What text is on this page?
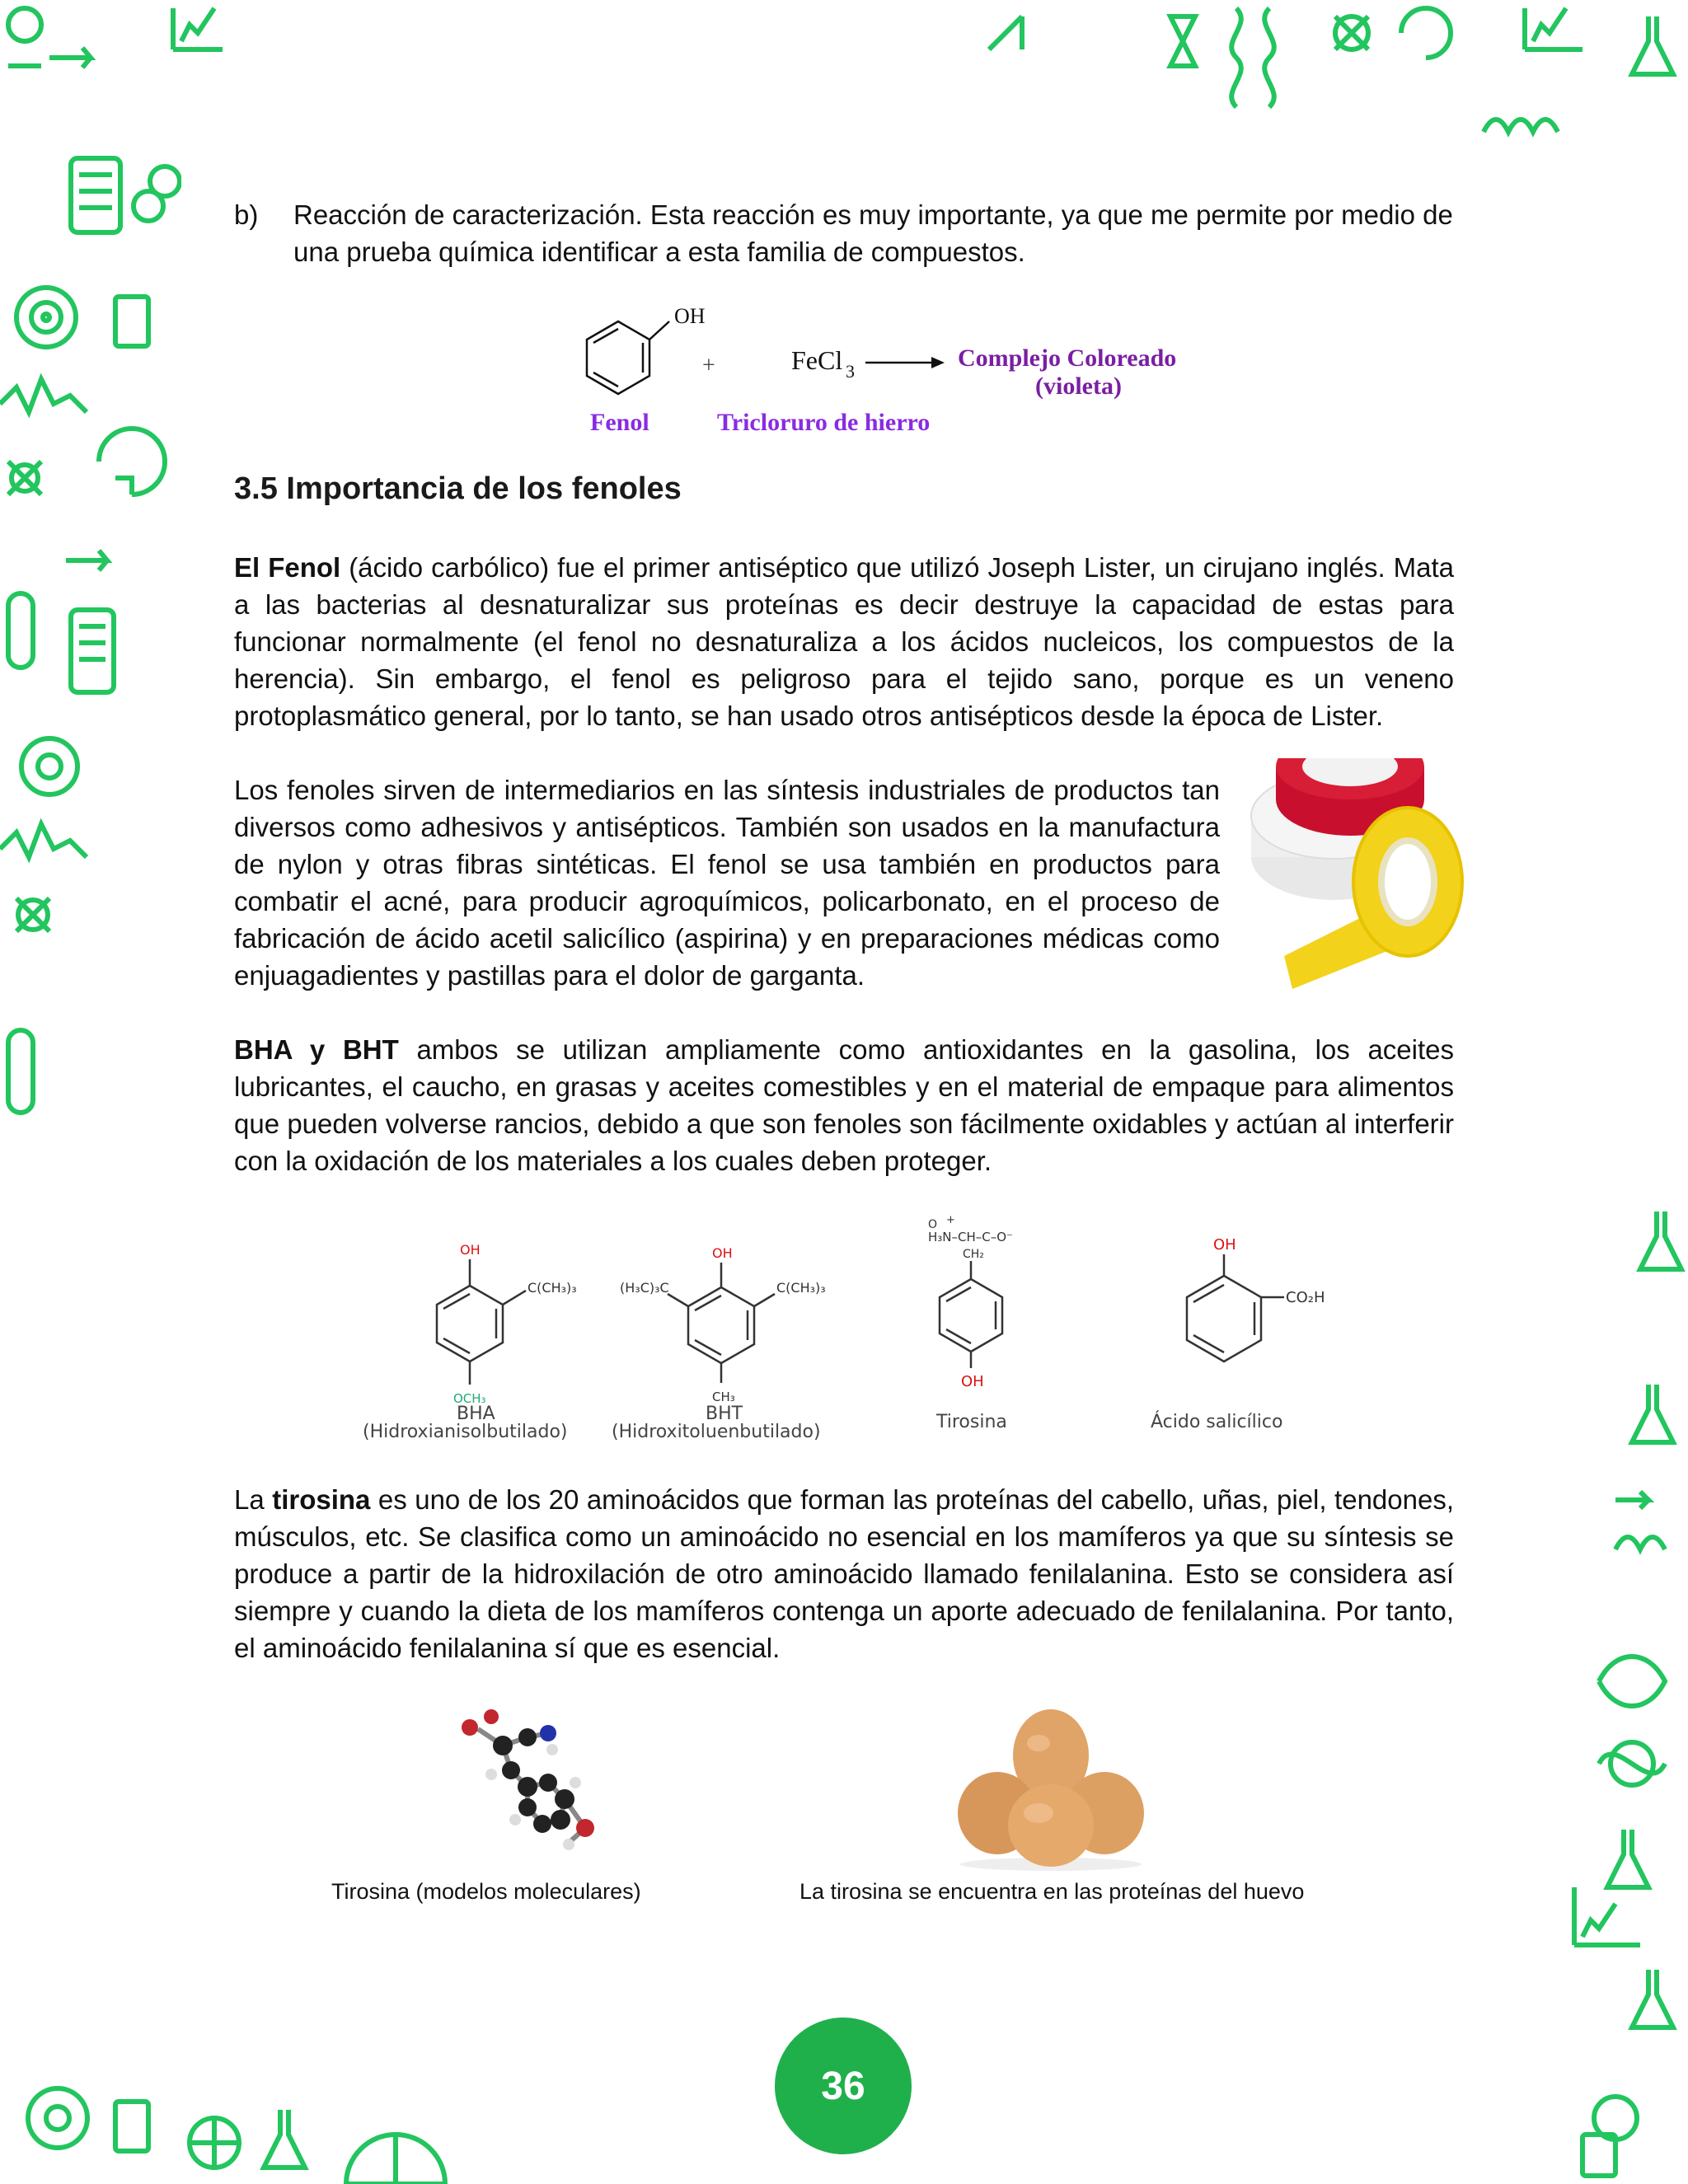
b) Reacción de caracterización. Esta reacción es muy importante, ya que me permite por medio de una prueba química identificar a esta familia de compuestos.
OH
+	FeCl 3	Complejo Coloreado
(violeta)
Fenol	Tricloruro de hierro
3.5 Importancia de los fenoles
El Fenol (ácido carbólico) fue el primer antiséptico que utilizó Joseph Lister, un cirujano inglés. Mata a las bacterias al desnaturalizar sus proteínas es decir destruye la capacidad de estas para funcionar normalmente (el fenol no desnaturaliza a los ácidos nucleicos, los compuestos de la herencia). Sin embargo, el fenol es peligroso para el tejido sano, porque es un veneno protoplasmático general, por lo tanto, se han usado otros antisépticos desde la época de Lister.
Los fenoles sirven de intermediarios en las síntesis industriales de productos tan diversos como adhesivos y antisépticos. También son usados en la manufactura de nylon y otras fibras sintéticas. El fenol se usa también en productos para combatir el acné, para producir agroquímicos, policarbonato, en el proceso de fabricación de ácido acetil salicílico (aspirina) y en preparaciones médicas como enjuagadientes y pastillas para el dolor de garganta.
BHA y BHT ambos se utilizan ampliamente como antioxidantes en la gasolina, los aceites lubricantes, el caucho, en grasas y aceites comestibles y en el material de empaque para alimentos que pueden volverse rancios, debido a que son fenoles son fácilmente oxidables y actúan al interferir con la oxidación de los materiales a los cuales deben proteger.
OH
C(CH₃)₃
OCH₃
BHA
(Hidroxianisolbutilado)
OH
C(CH₃)₃
(H₃C)₃C
CH₃
BHT
(Hidroxitoluenbutilado)
O +
H₃N–CH–C–O⁻
CH₂
OH
Tirosina
OH
CO₂H
Ácido salicílico
La tirosina es uno de los 20 aminoácidos que forman las proteínas del cabello, uñas, piel, tendones, músculos, etc. Se clasifica como un aminoácido no esencial en los mamíferos ya que su síntesis se produce a partir de la hidroxilación de otro aminoácido llamado fenilalanina. Esto se considera así siempre y cuando la dieta de los mamíferos contenga un aporte adecuado de fenilalanina. Por tanto, el aminoácido fenilalanina sí que es esencial.
Tirosina (modelos moleculares)	La tirosina se encuentra en las proteínas del huevo
36
